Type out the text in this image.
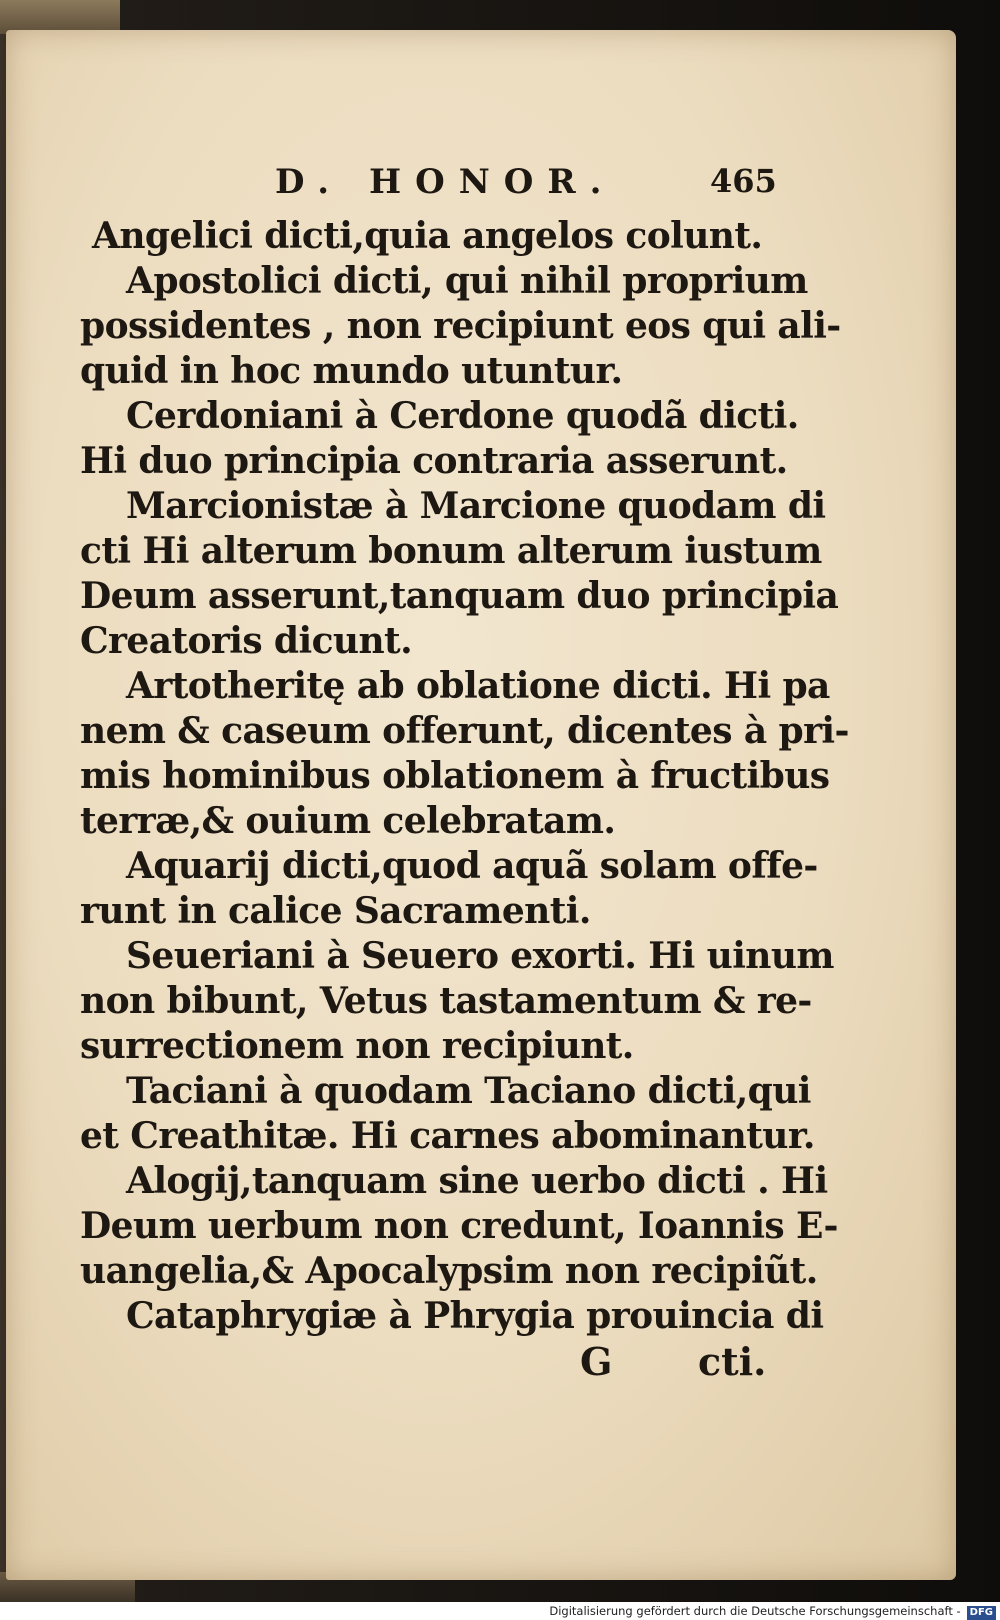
D. HONOR.	465
Angelici dicti,quia angelos colunt.
Apostolici dicti, qui nihil proprium
possidentes , non recipiunt eos qui ali-
quid in hoc mundo utuntur.
Cerdoniani à Cerdone quodã dicti.
Hi duo principia contraria asserunt.
Marcionistæ à Marcione quodam di
cti Hi alterum bonum alterum iustum
Deum asserunt,tanquam duo principia
Creatoris dicunt.
Artotheritę ab oblatione dicti. Hi pa
nem & caseum offerunt, dicentes à pri-
mis hominibus oblationem à fructibus
terræ,& ouium celebratam.
Aquarij dicti,quod aquã solam offe-
runt in calice Sacramenti.
Seueriani à Seuero exorti. Hi uinum
non bibunt, Vetus tastamentum & re-
surrectionem non recipiunt.
Taciani à quodam Taciano dicti,qui
et Creathitæ. Hi carnes abominantur.
Alogij,tanquam sine uerbo dicti . Hi
Deum uerbum non credunt, Ioannis E-
uangelia,& Apocalypsim non recipiũt.
Cataphrygiæ à Phrygia prouincia di
G cti.
Digitalisierung gefördert durch die Deutsche Forschungsgemeinschaft - DFG
